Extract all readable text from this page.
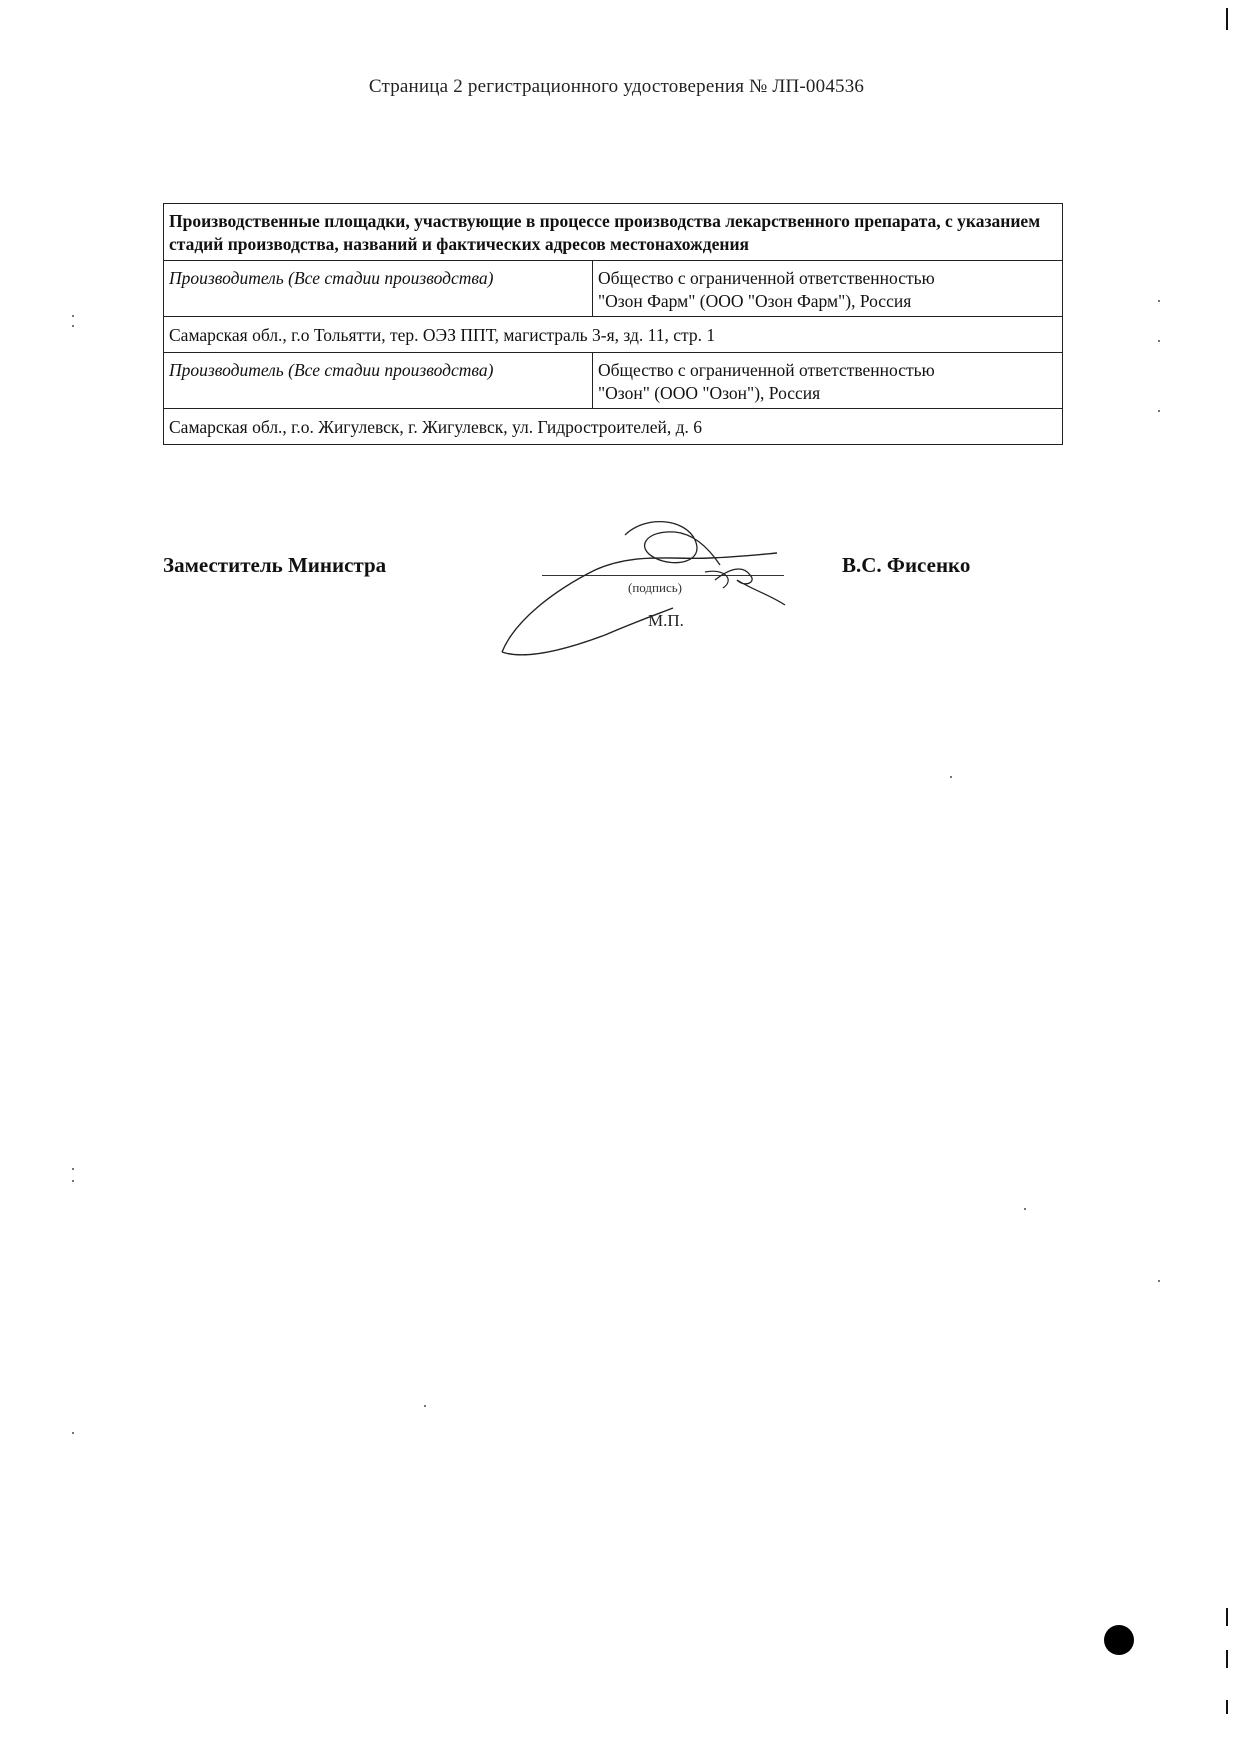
Страница 2 регистрационного удостоверения № ЛП-004536
Производственные площадки, участвующие в процессе производства лекарственного препарата, с указанием стадий производства, названий и фактических адресов местонахождения	
Производитель (Все стадии производства)	Общество с ограниченной ответственностью
"Озон Фарм" (ООО "Озон Фарм"), Россия

Самарская обл., г.о Тольятти, тер. ОЭЗ ППТ, магистраль 3-я, зд. 11, стр. 1	
Производитель (Все стадии производства)	Общество с ограниченной ответственностью
"Озон" (ООО "Озон"), Россия

Самарская обл., г.о. Жигулевск, г. Жигулевск, ул. Гидростроителей, д. 6	
Заместитель Министра
(подпись)
М.П.
В.С. Фисенко
